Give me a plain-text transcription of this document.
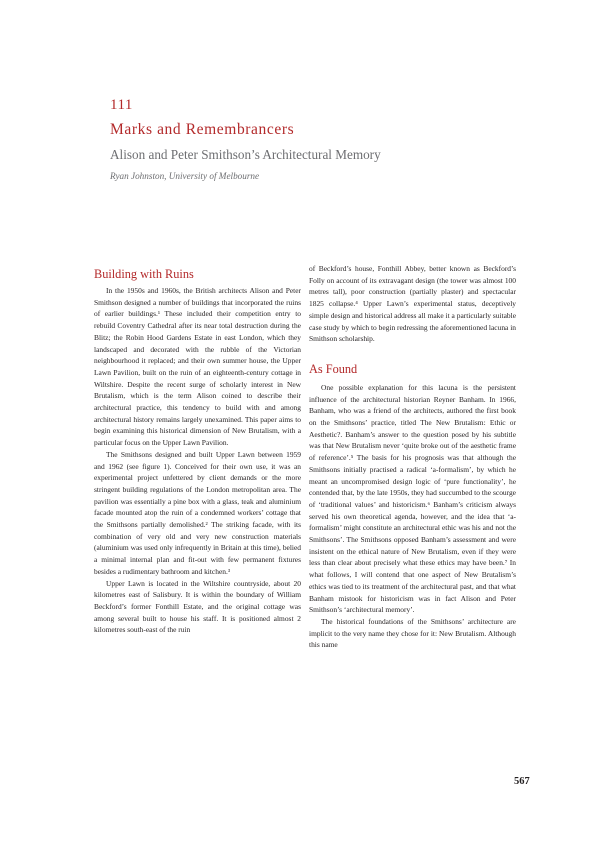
111
Marks and Remembrancers
Alison and Peter Smithson’s Architectural Memory
Ryan Johnston, University of Melbourne
Building with Ruins

In the 1950s and 1960s, the British architects Alison and Peter Smithson designed a number of buildings that incorporated the ruins of earlier buildings.¹ These included their competition entry to rebuild Coventry Cathedral after its near total destruction during the Blitz; the Robin Hood Gardens Estate in east London, which they landscaped and decorated with the rubble of the Victorian neighbourhood it replaced; and their own summer house, the Upper Lawn Pavilion, built on the ruin of an eighteenth-century cottage in Wiltshire. Despite the recent surge of scholarly interest in New Brutalism, which is the term Alison coined to describe their architectural practice, this tendency to build with and among architectural history remains largely unexamined. This paper aims to begin examining this historical dimension of New Brutalism, with a particular focus on the Upper Lawn Pavilion.

The Smithsons designed and built Upper Lawn between 1959 and 1962 (see figure 1). Conceived for their own use, it was an experimental project unfettered by client demands or the more stringent building regulations of the London metropolitan area. The pavilion was essentially a pine box with a glass, teak and aluminium facade mounted atop the ruin of a condemned workers’ cottage that the Smithsons partially demolished.² The striking facade, with its combination of very old and very new construction materials (aluminium was used only infrequently in Britain at this time), belied a minimal internal plan and fit-out with few permanent fixtures besides a rudimentary bathroom and kitchen.³

Upper Lawn is located in the Wiltshire countryside, about 20 kilometres east of Salisbury. It is within the boundary of William Beckford’s former Fonthill Estate, and the original cottage was among several built to house his staff. It is positioned almost 2 kilometres south-east of the ruin

of Beckford’s house, Fonthill Abbey, better known as Beckford’s Folly on account of its extravagant design (the tower was almost 100 metres tall), poor construction (partially plaster) and spectacular 1825 collapse.⁴ Upper Lawn’s experimental status, deceptively simple design and historical address all make it a particularly suitable case study by which to begin redressing the aforementioned lacuna in Smithson scholarship.

As Found

One possible explanation for this lacuna is the persistent influence of the architectural historian Reyner Banham. In 1966, Banham, who was a friend of the architects, authored the first book on the Smithsons’ practice, titled The New Brutalism: Ethic or Aesthetic?. Banham’s answer to the question posed by his subtitle was that New Brutalism never ‘quite broke out of the aesthetic frame of reference’.⁵ The basis for his prognosis was that although the Smithsons initially practised a radical ‘a-formalism’, by which he meant an uncompromised design logic of ‘pure functionality’, he contended that, by the late 1950s, they had succumbed to the scourge of ‘traditional values’ and historicism.⁶ Banham’s criticism always served his own theoretical agenda, however, and the idea that ‘a-formalism’ might constitute an architectural ethic was his and not the Smithsons’. The Smithsons opposed Banham’s assessment and were insistent on the ethical nature of New Brutalism, even if they were less than clear about precisely what these ethics may have been.⁷ In what follows, I will contend that one aspect of New Brutalism’s ethics was tied to its treatment of the architectural past, and that what Banham mistook for historicism was in fact Alison and Peter Smithson’s ‘architectural memory’.

The historical foundations of the Smithsons’ architecture are implicit to the very name they chose for it: New Brutalism. Although this name

567
